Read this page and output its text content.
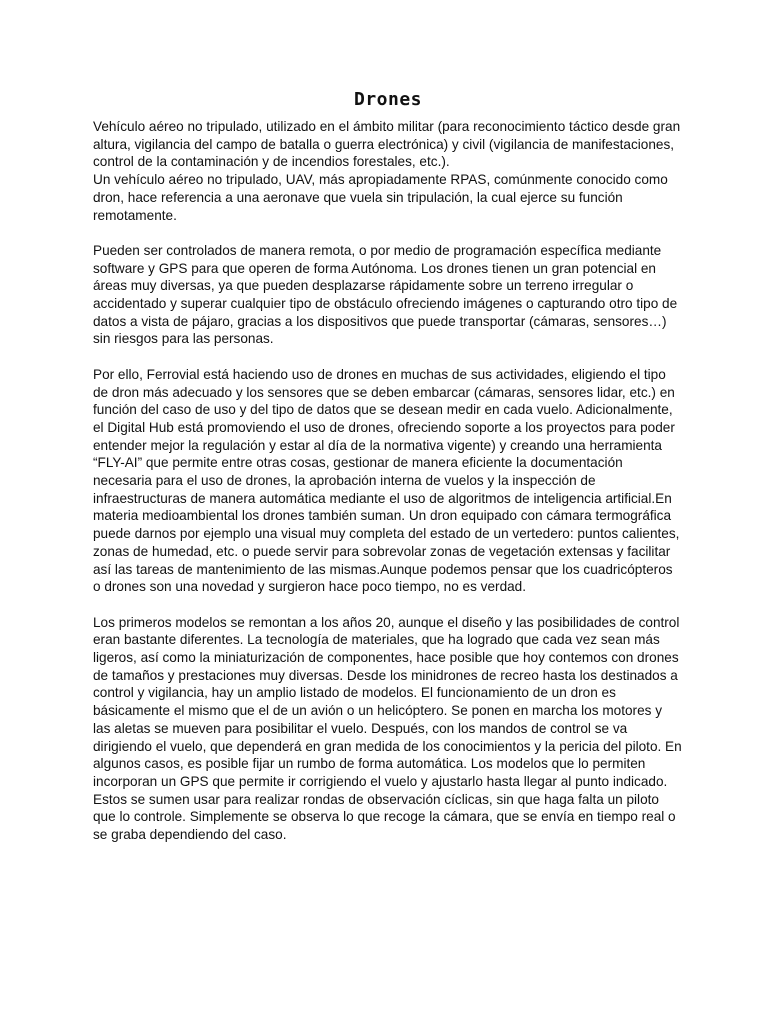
Drones

Vehículo aéreo no tripulado, utilizado en el ámbito militar (para reconocimiento táctico desde gran altura, vigilancia del campo de batalla o guerra electrónica) y civil (vigilancia de manifestaciones, control de la contaminación y de incendios forestales, etc.).

Un vehículo aéreo no tripulado, UAV, más apropiadamente RPAS, comúnmente conocido como dron, hace referencia a una aeronave que vuela sin tripulación, la cual ejerce su función remotamente.

Pueden ser controlados de manera remota, o por medio de programación específica mediante software y GPS para que operen de forma Autónoma. Los drones tienen un gran potencial en áreas muy diversas, ya que pueden desplazarse rápidamente sobre un terreno irregular o accidentado y superar cualquier tipo de obstáculo ofreciendo imágenes o capturando otro tipo de datos a vista de pájaro, gracias a los dispositivos que puede transportar (cámaras, sensores…) sin riesgos para las personas.

Por ello, Ferrovial está haciendo uso de drones en muchas de sus actividades, eligiendo el tipo de dron más adecuado y los sensores que se deben embarcar (cámaras, sensores lidar, etc.) en función del caso de uso y del tipo de datos que se desean medir en cada vuelo. Adicionalmente, el Digital Hub está promoviendo el uso de drones, ofreciendo soporte a los proyectos para poder entender mejor la regulación y estar al día de la normativa vigente) y creando una herramienta “FLY-AI” que permite entre otras cosas, gestionar de manera eficiente la documentación necesaria para el uso de drones, la aprobación interna de vuelos y la inspección de infraestructuras de manera automática mediante el uso de algoritmos de inteligencia artificial.En materia medioambiental los drones también suman. Un dron equipado con cámara termográfica puede darnos por ejemplo una visual muy completa del estado de un vertedero: puntos calientes, zonas de humedad, etc. o puede servir para sobrevolar zonas de vegetación extensas y facilitar así las tareas de mantenimiento de las mismas.Aunque podemos pensar que los cuadricópteros o drones son una novedad y surgieron hace poco tiempo, no es verdad.

Los primeros modelos se remontan a los años 20, aunque el diseño y las posibilidades de control eran bastante diferentes. La tecnología de materiales, que ha logrado que cada vez sean más ligeros, así como la miniaturización de componentes, hace posible que hoy contemos con drones de tamaños y prestaciones muy diversas. Desde los minidrones de recreo hasta los destinados a control y vigilancia, hay un amplio listado de modelos. El funcionamiento de un dron es básicamente el mismo que el de un avión o un helicóptero. Se ponen en marcha los motores y las aletas se mueven para posibilitar el vuelo. Después, con los mandos de control se va dirigiendo el vuelo, que dependerá en gran medida de los conocimientos y la pericia del piloto. En algunos casos, es posible fijar un rumbo de forma automática. Los modelos que lo permiten incorporan un GPS que permite ir corrigiendo el vuelo y ajustarlo hasta llegar al punto indicado. Estos se sumen usar para realizar rondas de observación cíclicas, sin que haga falta un piloto que lo controle. Simplemente se observa lo que recoge la cámara, que se envía en tiempo real o se graba dependiendo del caso.
